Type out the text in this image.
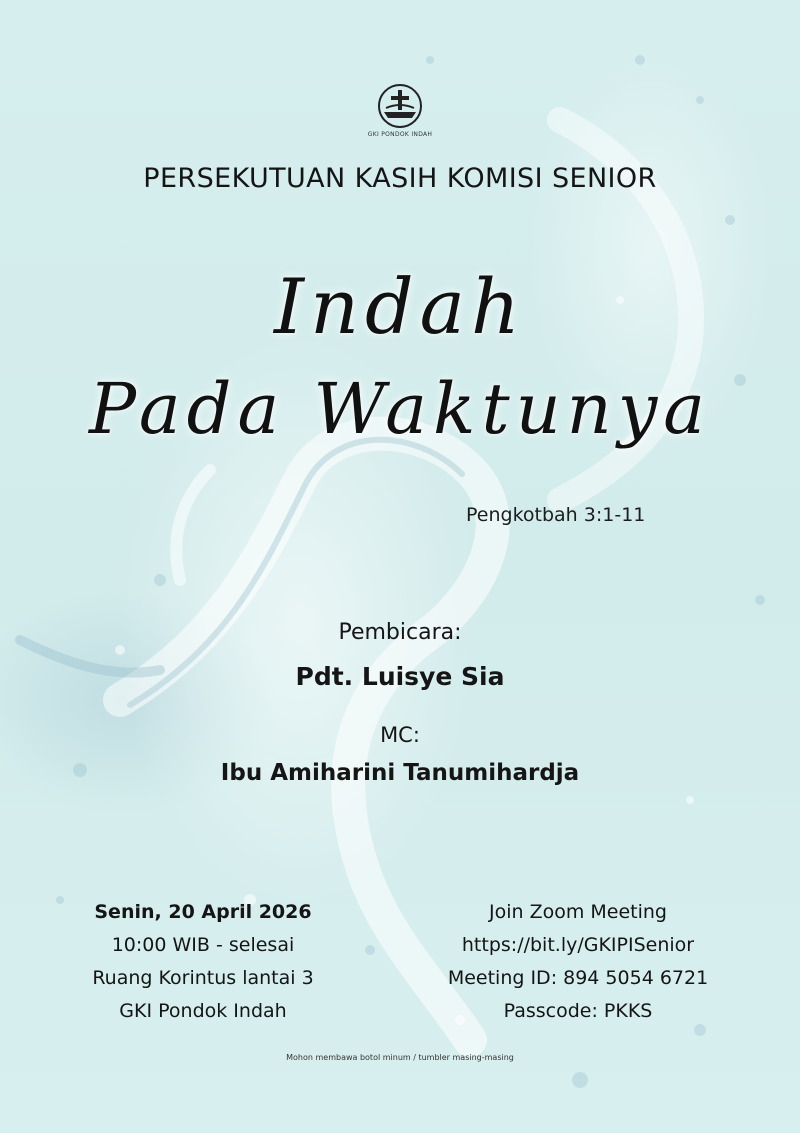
GKI PONDOK INDAH
PERSEKUTUAN KASIH KOMISI SENIOR
Indah
Pada Waktunya
Pengkotbah 3:1-11
Pembicara:
Pdt. Luisye Sia
MC:
Ibu Amiharini Tanumihardja
Senin, 20 April 2026
10:00 WIB - selesai
Ruang Korintus lantai 3
GKI Pondok Indah
Join Zoom Meeting
https://bit.ly/GKIPISenior
Meeting ID: 894 5054 6721
Passcode: PKKS
Mohon membawa botol minum / tumbler masing-masing
